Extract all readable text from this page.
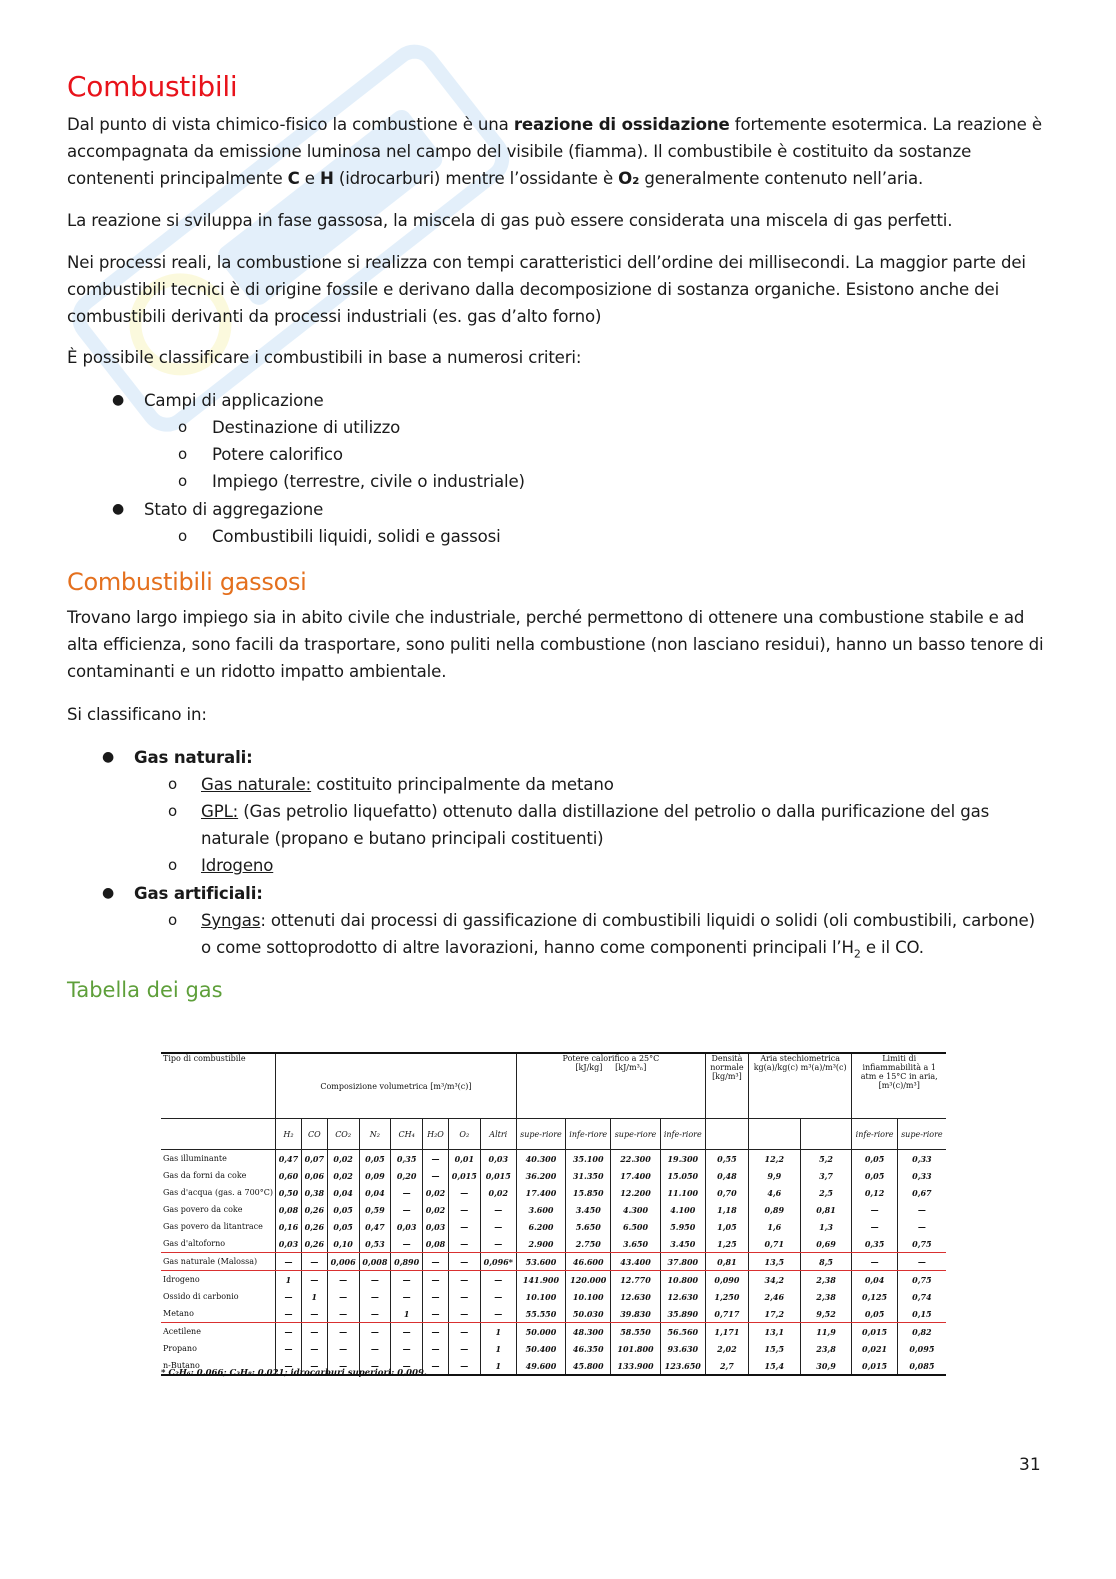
Combustibili

Dal punto di vista chimico-fisico la combustione è una reazione di ossidazione fortemente esotermica. La reazione è accompagnata da emissione luminosa nel campo del visibile (fiamma). Il combustibile è costituito da sostanze contenenti principalmente C e H (idrocarburi) mentre l’ossidante è O₂ generalmente contenuto nell’aria.

La reazione si sviluppa in fase gassosa, la miscela di gas può essere considerata una miscela di gas perfetti.

Nei processi reali, la combustione si realizza con tempi caratteristici dell’ordine dei millisecondi. La maggior parte dei combustibili tecnici è di origine fossile e derivano dalla decomposizione di sostanza organiche. Esistono anche dei combustibili derivanti da processi industriali (es. gas d’alto forno)

È possibile classificare i combustibili in base a numerosi criteri:

● Campi di applicazione

o Destinazione di utilizzo

o Potere calorifico

o Impiego (terrestre, civile o industriale)

● Stato di aggregazione

o Combustibili liquidi, solidi e gassosi

Combustibili gassosi

Trovano largo impiego sia in abito civile che industriale, perché permettono di ottenere una combustione stabile e ad alta efficienza, sono facili da trasportare, sono puliti nella combustione (non lasciano residui), hanno un basso tenore di contaminanti e un ridotto impatto ambientale.

Si classificano in:

● Gas naturali:

o Gas naturale: costituito principalmente da metano

o GPL: (Gas petrolio liquefatto) ottenuto dalla distillazione del petrolio o dalla purificazione del gas naturale (propano e butano principali costituenti)

o Idrogeno

● Gas artificiali:

o Syngas: ottenuti dai processi di gassificazione di combustibili liquidi o solidi (oli combustibili, carbone) o come sottoprodotto di altre lavorazioni, hanno come componenti principali $l’H_2$ e il CO.

Tabella dei gas
Tipo di combustibile	Composizione volumetrica [m³/m³(c)]								Potere calorifico a 25°C
[kJ/kg] [kJ/m³ₙ]				Densità normale [kg/m³]	Aria stechiometrica
kg(a)/kg(c) m³(a)/m³(c)		Limiti di infiammabilità a 1 atm e 15°C in aria, [m³(c)/m³]	
	H₂	CO	CO₂	N₂	CH₄	H₂O	O₂	Altri	supe-riore	infe-riore	supe-riore	infe-riore				infe-riore	supe-riore
Gas illuminante	0,47	0,07	0,02	0,05	0,35	—	0,01	0,03	40.300	35.100	22.300	19.300	0,55	12,2	5,2	0,05	0,33
Gas da forni da coke	0,60	0,06	0,02	0,09	0,20	—	0,015	0,015	36.200	31.350	17.400	15.050	0,48	9,9	3,7	0,05	0,33
Gas d'acqua (gas. a 700°C)	0,50	0,38	0,04	0,04	—	0,02	—	0,02	17.400	15.850	12.200	11.100	0,70	4,6	2,5	0,12	0,67
Gas povero da coke	0,08	0,26	0,05	0,59	—	0,02	—	—	3.600	3.450	4.300	4.100	1,18	0,89	0,81	—	—
Gas povero da litantrace	0,16	0,26	0,05	0,47	0,03	0,03	—	—	6.200	5.650	6.500	5.950	1,05	1,6	1,3	—	—
Gas d'altoforno	0,03	0,26	0,10	0,53	—	0,08	—	—	2.900	2.750	3.650	3.450	1,25	0,71	0,69	0,35	0,75
Gas naturale (Malossa)	—	—	0,006	0,008	0,890	—	—	0,096*	53.600	46.600	43.400	37.800	0,81	13,5	8,5	—	—
Idrogeno	1	—	—	—	—	—	—	—	141.900	120.000	12.770	10.800	0,090	34,2	2,38	0,04	0,75
Ossido di carbonio	—	1	—	—	—	—	—	—	10.100	10.100	12.630	12.630	1,250	2,46	2,38	0,125	0,74
Metano	—	—	—	—	1	—	—	—	55.550	50.030	39.830	35.890	0,717	17,2	9,52	0,05	0,15
Acetilene	—	—	—	—	—	—	—	1	50.000	48.300	58.550	56.560	1,171	13,1	11,9	0,015	0,82
Propano	—	—	—	—	—	—	—	1	50.400	46.350	101.800	93.630	2,02	15,5	23,8	0,021	0,095
n-Butano	—	—	—	—	—	—	—	1	49.600	45.800	133.900	123.650	2,7	15,4	30,9	0,015	0,085
* C₂H₆: 0,066; C₃H₈: 0,021; idrocarburi superiori: 0,009.
31
